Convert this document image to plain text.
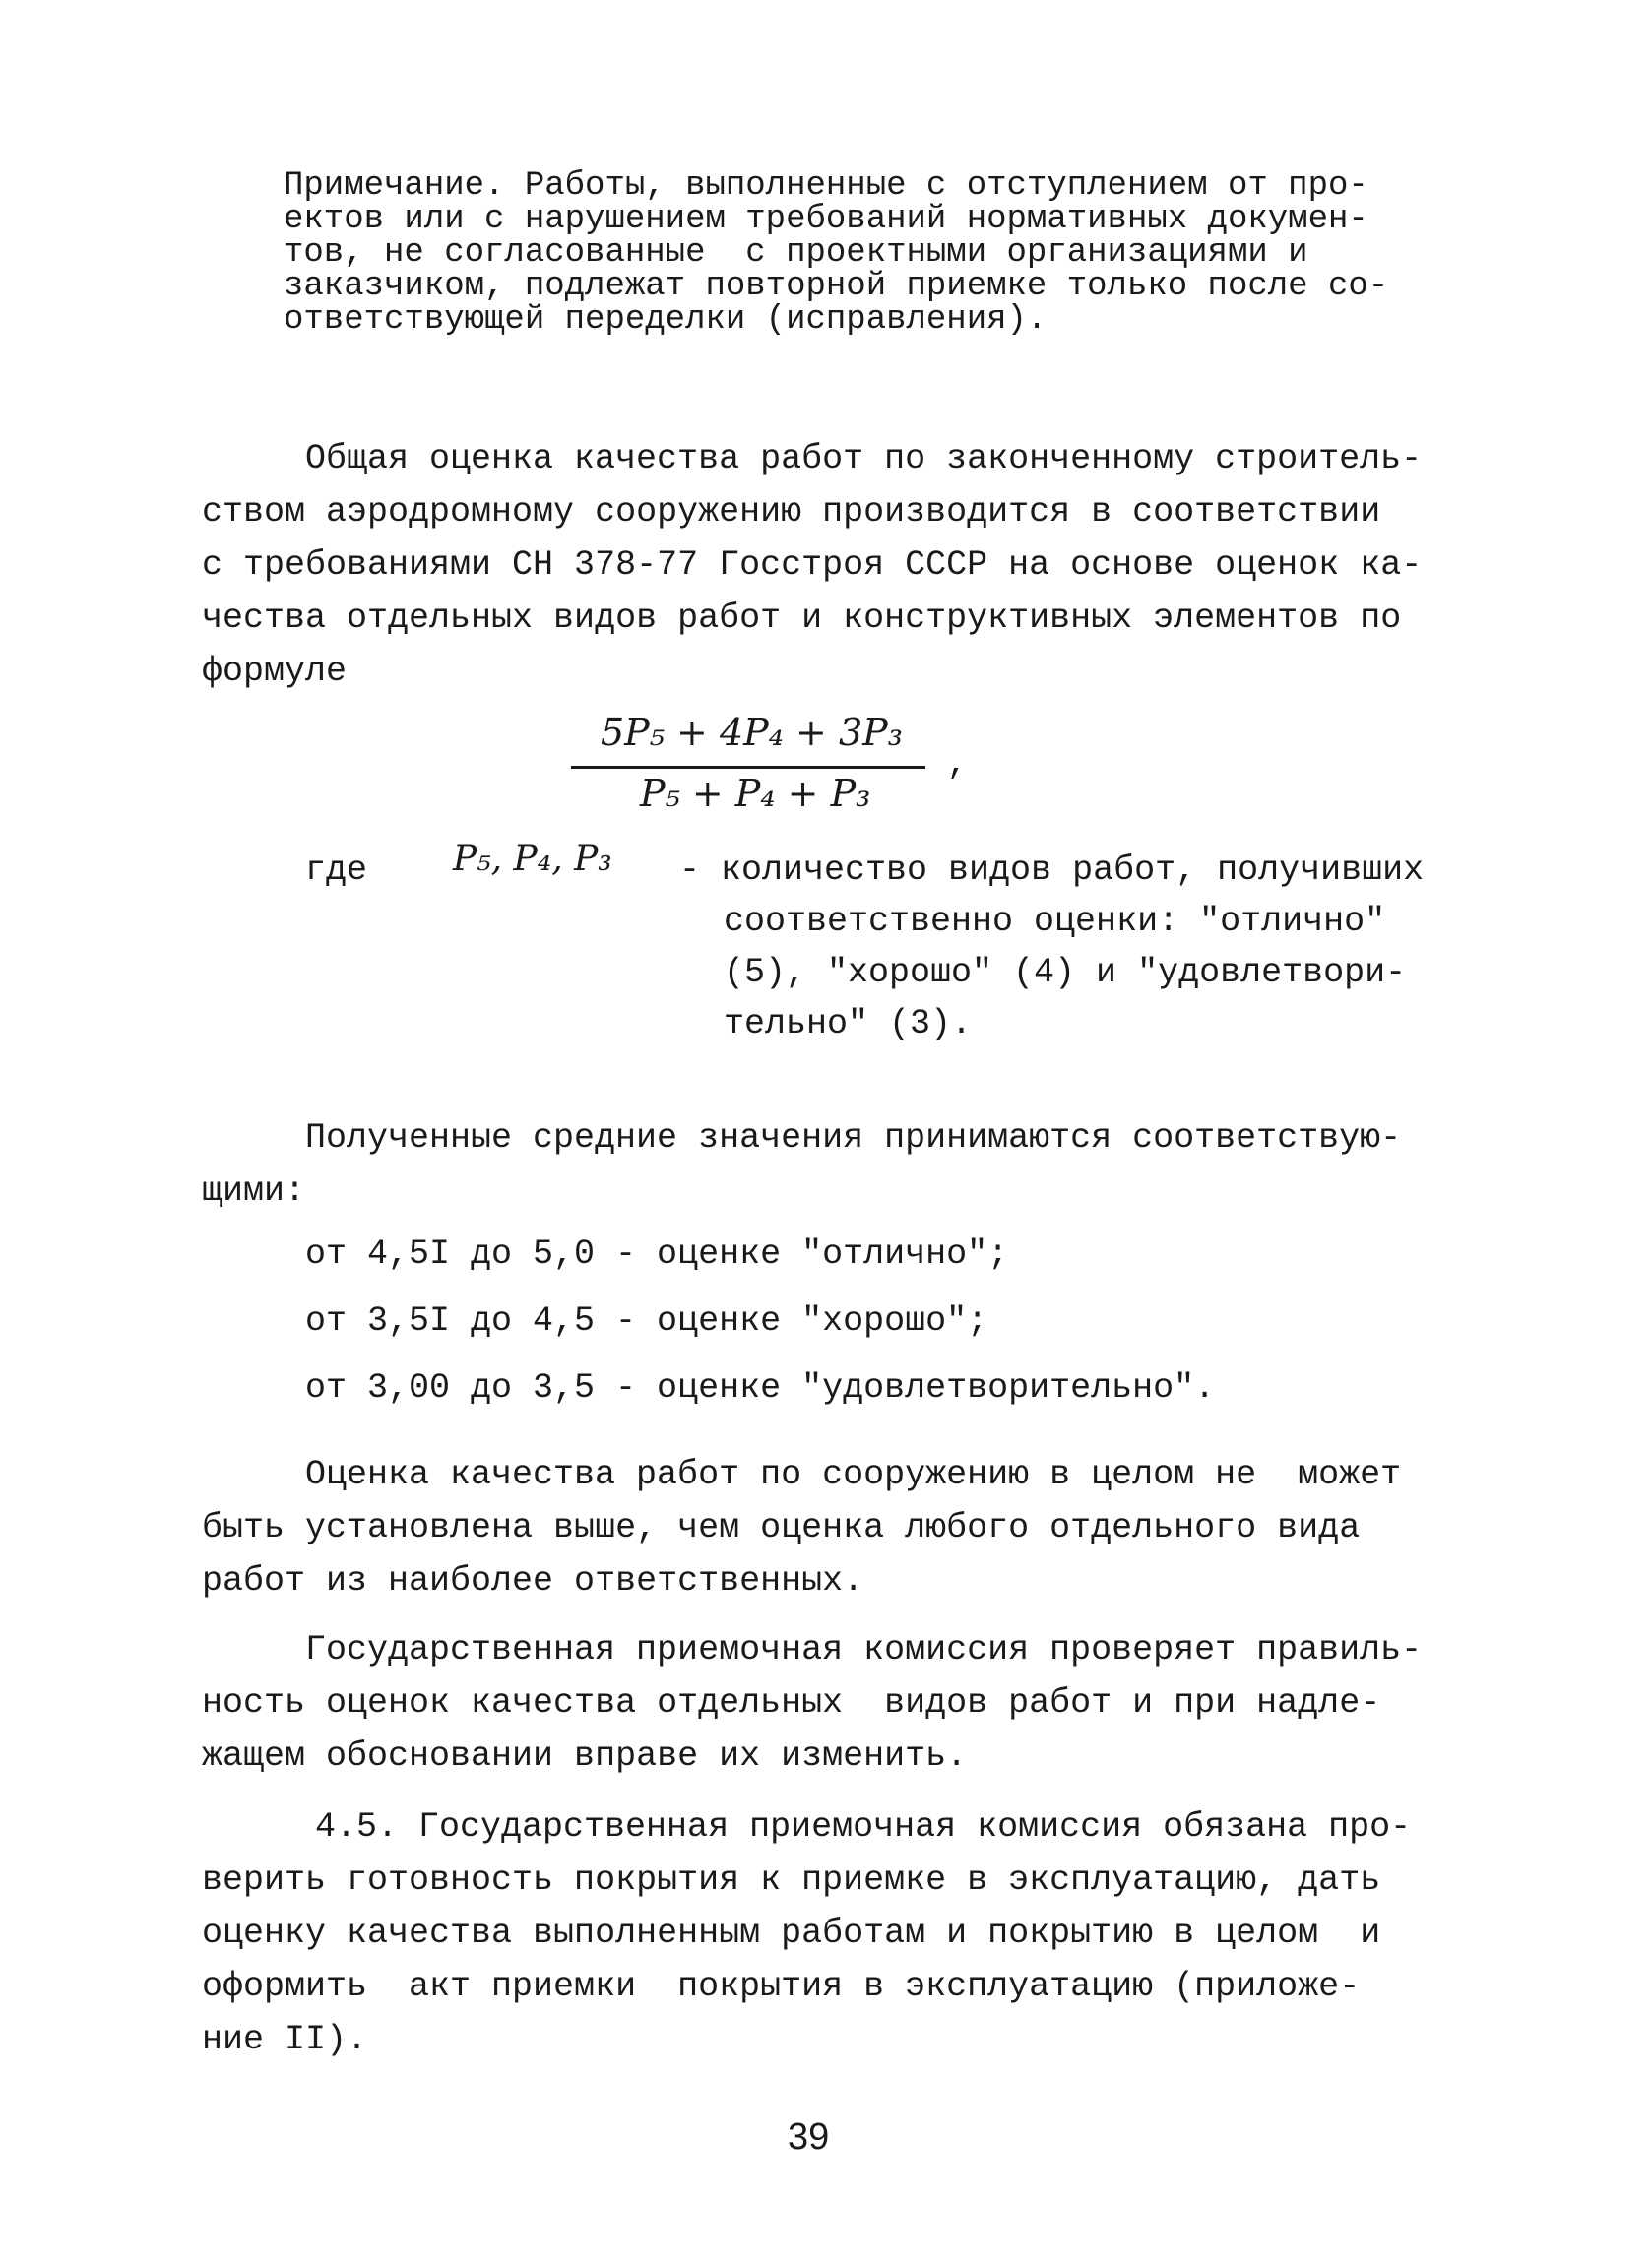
Примечание. Работы, выполненные с отступлением от про-
ектов или с нарушением требований нормативных докумен-
тов, не согласованные  с проектными организациями и
заказчиком, подлежат повторной приемке только после со-
ответствующей переделки (исправления).
Общая оценка качества работ по законченному строитель-
ством аэродромному сооружению производится в соответствии
с требованиями СН 378-77 Госстроя СССР на основе оценок ка-
чества отдельных видов работ и конструктивных элементов по
формуле
5P₅ + 4P₄ + 3P₃
P₅ + P₄ + P₃
,
где P₅, P₄, P₃ - количество видов работ, получивших
соответственно оценки: "отлично"
(5), "хорошо" (4) и "удовлетвори-
тельно" (3).
Полученные средние значения принимаются соответствую-
щими:
от 4,5I до 5,0 - оценке "отлично";
от 3,5I до 4,5 - оценке "хорошо";
от 3,00 до 3,5 - оценке "удовлетворительно".
Оценка качества работ по сооружению в целом не  может
быть установлена выше, чем оценка любого отдельного вида
работ из наиболее ответственных.
Государственная приемочная комиссия проверяет правиль-
ность оценок качества отдельных  видов работ и при надле-
жащем обосновании вправе их изменить.
4.5. Государственная приемочная комиссия обязана про-
верить готовность покрытия к приемке в эксплуатацию, дать
оценку качества выполненным работам и покрытию в целом  и
оформить  акт приемки  покрытия в эксплуатацию (приложе-
ние II).
39
